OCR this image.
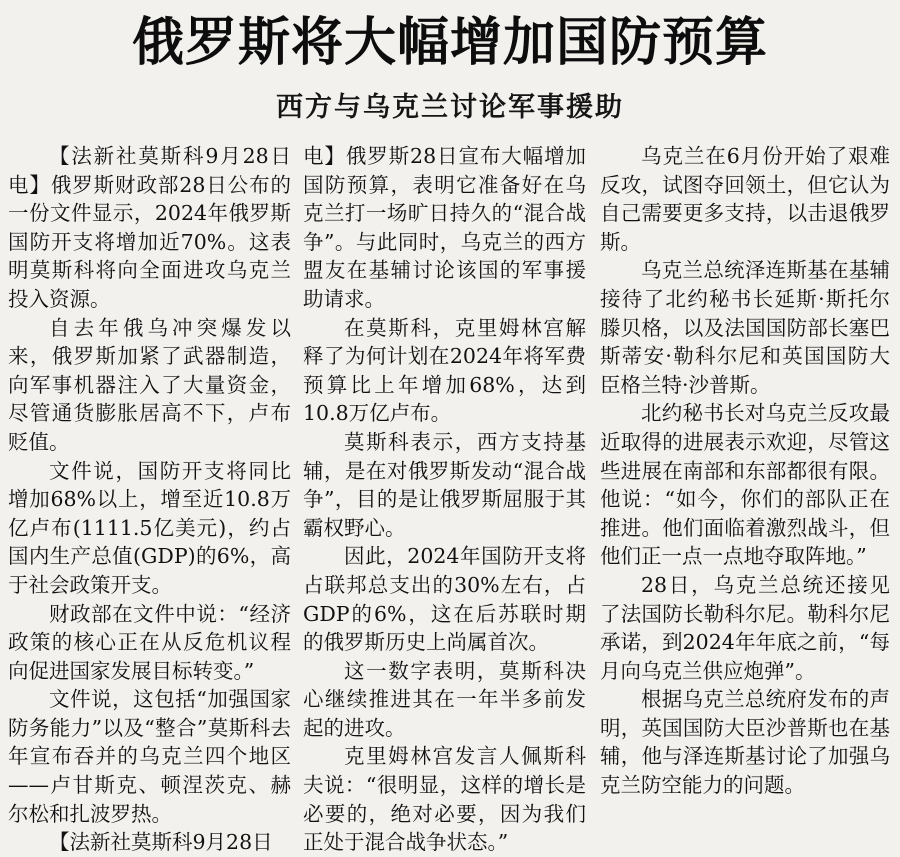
俄罗斯将大幅增加国防预算
西方与乌克兰讨论军事援助

【法新社莫斯科9月28日电】俄罗斯财政部28日公布的一份文件显示，2024年俄罗斯国防开支将增加近70%。这表明莫斯科将向全面进攻乌克兰投入资源。

自去年俄乌冲突爆发以来，俄罗斯加紧了武器制造，向军事机器注入了大量资金，尽管通货膨胀居高不下，卢布贬值。

文件说，国防开支将同比增加68%以上，增至近10.8万亿卢布(1111.5亿美元)，约占国内生产总值(GDP)的6%，高于社会政策开支。

财政部在文件中说：“经济政策的核心正在从反危机议程向促进国家发展目标转变。”

文件说，这包括“加强国家防务能力”以及“整合”莫斯科去年宣布吞并的乌克兰四个地区——卢甘斯克、顿涅茨克、赫尔松和扎波罗热。

【法新社莫斯科9月28日

电】俄罗斯28日宣布大幅增加国防预算，表明它准备好在乌克兰打一场旷日持久的“混合战争”。与此同时，乌克兰的西方盟友在基辅讨论该国的军事援助请求。

在莫斯科，克里姆林宫解释了为何计划在2024年将军费预算比上年增加68%，达到10.8万亿卢布。

莫斯科表示，西方支持基辅，是在对俄罗斯发动“混合战争”，目的是让俄罗斯屈服于其霸权野心。

因此，2024年国防开支将占联邦总支出的30%左右，占GDP的6%，这在后苏联时期的俄罗斯历史上尚属首次。

这一数字表明，莫斯科决心继续推进其在一年半多前发起的进攻。

克里姆林宫发言人佩斯科夫说：“很明显，这样的增长是必要的，绝对必要，因为我们正处于混合战争状态。”

乌克兰在6月份开始了艰难反攻，试图夺回领土，但它认为自己需要更多支持，以击退俄罗斯。

乌克兰总统泽连斯基在基辅接待了北约秘书长延斯·斯托尔滕贝格，以及法国国防部长塞巴斯蒂安·勒科尔尼和英国国防大臣格兰特·沙普斯。

北约秘书长对乌克兰反攻最近取得的进展表示欢迎，尽管这些进展在南部和东部都很有限。他说：“如今，你们的部队正在推进。他们面临着激烈战斗，但他们正一点一点地夺取阵地。”

28日，乌克兰总统还接见了法国防长勒科尔尼。勒科尔尼承诺，到2024年年底之前，“每月向乌克兰供应炮弹”。

根据乌克兰总统府发布的声明，英国国防大臣沙普斯也在基辅，他与泽连斯基讨论了加强乌克兰防空能力的问题。
